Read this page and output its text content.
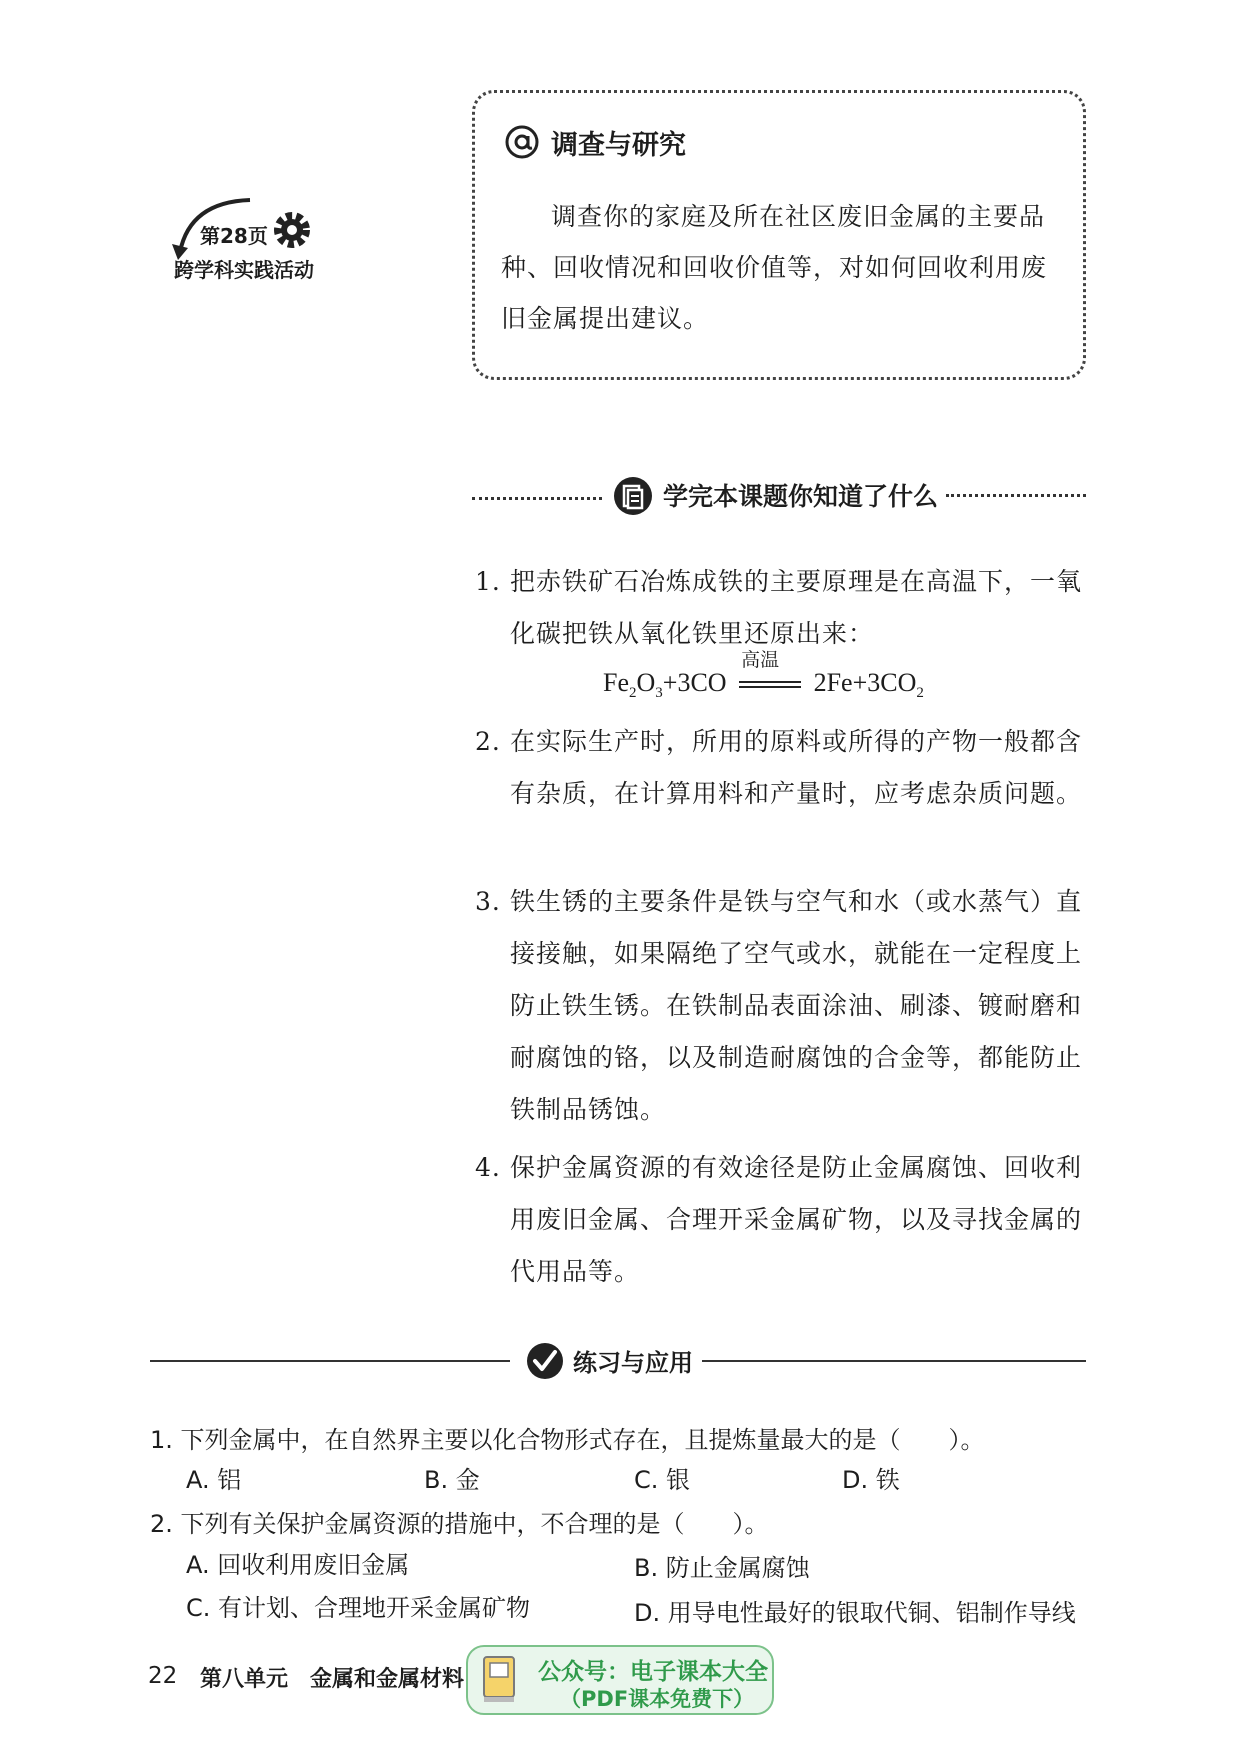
第28页
跨学科实践活动
调查与研究
调查你的家庭及所在社区废旧金属的主要品种、回收情况和回收价值等，对如何回收利用废旧金属提出建议。
学完本课题你知道了什么
1. 把赤铁矿石冶炼成铁的主要原理是在高温下，一氧化碳把铁从氧化铁里还原出来：
$Fe_2O_3+3CO$
高温
$2Fe+3CO_2$
2. 在实际生产时，所用的原料或所得的产物一般都含有杂质，在计算用料和产量时，应考虑杂质问题。
3. 铁生锈的主要条件是铁与空气和水（或水蒸气）直接接触，如果隔绝了空气或水，就能在一定程度上防止铁生锈。在铁制品表面涂油、刷漆、镀耐磨和耐腐蚀的铬，以及制造耐腐蚀的合金等，都能防止铁制品锈蚀。
4. 保护金属资源的有效途径是防止金属腐蚀、回收利用废旧金属、合理开采金属矿物，以及寻找金属的代用品等。
练习与应用
1. 下列金属中，在自然界主要以化合物形式存在，且提炼量最大的是（　　）。
A. 铝	B. 金	C. 银	D. 铁
2. 下列有关保护金属资源的措施中，不合理的是（　　）。
A. 回收利用废旧金属	B. 防止金属腐蚀
C. 有计划、合理地开采金属矿物	D. 用导电性最好的银取代铜、铝制作导线
22 第八单元　金属和金属材料	公众号：电子课本大全
（PDF课本免费下）
